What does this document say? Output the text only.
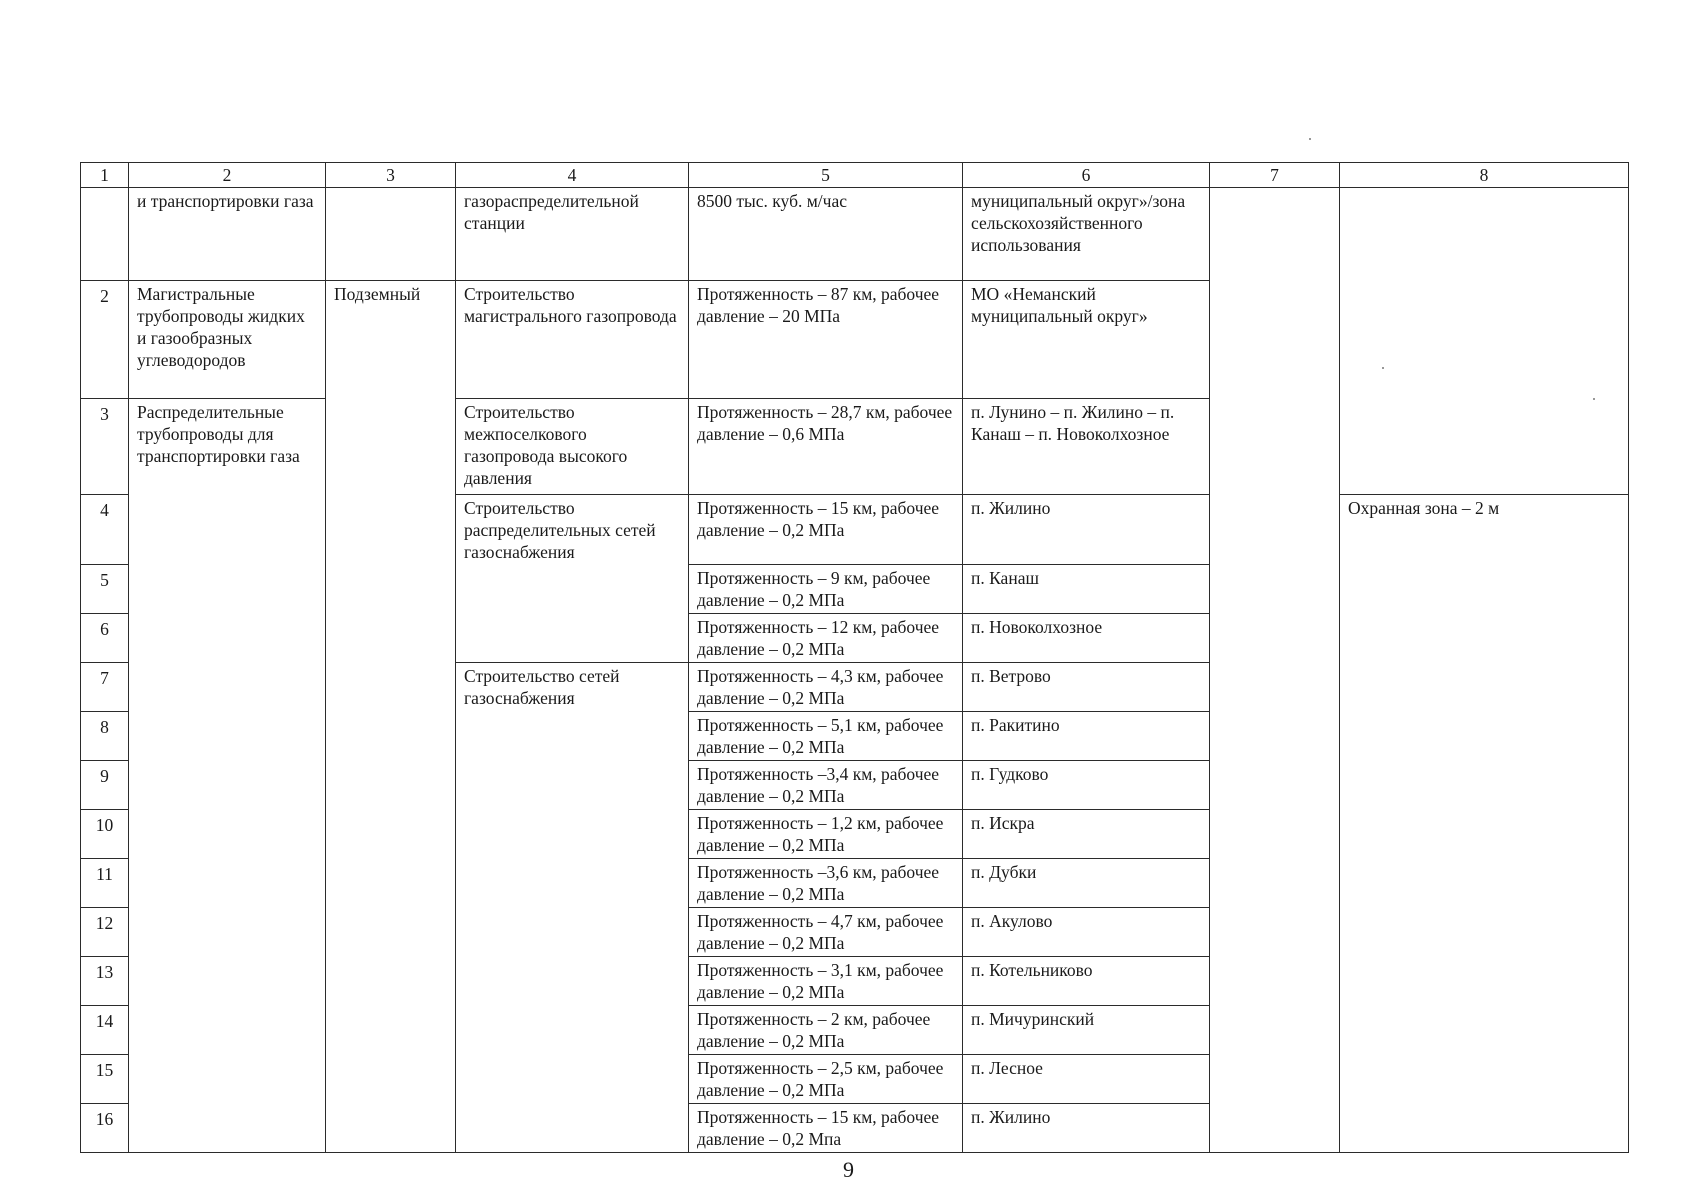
1	2	3	4	5	6	7	8
	и транспортировки газа		газораспределительной станции	8500 тыс. куб. м/час	муниципальный округ»/зона сельскохозяйственного использования		
2	Магистральные трубопроводы жидких и газообразных углеводородов	Подземный	Строительство магистрального газопровода	Протяженность – 87 км, рабочее давление – 20 МПа	МО «Неманский муниципальный округ»		
3	Распределительные трубопроводы для транспортировки газа		Строительство межпоселкового газопровода высокого давления	Протяженность – 28,7 км, рабочее давление – 0,6 МПа	п. Лунино – п. Жилино – п. Канаш – п. Новоколхозное		
4			Строительство распределительных сетей газоснабжения	Протяженность – 15 км, рабочее давление – 0,2 МПа	п. Жилино		Охранная зона – 2 м
5				Протяженность – 9 км, рабочее давление – 0,2 МПа	п. Канаш		
6				Протяженность – 12 км, рабочее давление – 0,2 МПа	п. Новоколхозное		
7			Строительство сетей газоснабжения	Протяженность – 4,3 км, рабочее давление – 0,2 МПа	п. Ветрово		
8				Протяженность – 5,1 км, рабочее давление – 0,2 МПа	п. Ракитино		
9				Протяженность –3,4 км, рабочее давление – 0,2 МПа	п. Гудково		
10				Протяженность – 1,2 км, рабочее давление – 0,2 МПа	п. Искра		
11				Протяженность –3,6 км, рабочее давление – 0,2 МПа	п. Дубки		
12				Протяженность – 4,7 км, рабочее давление – 0,2 МПа	п. Акулово		
13				Протяженность – 3,1 км, рабочее давление – 0,2 МПа	п. Котельниково		
14				Протяженность – 2 км, рабочее давление – 0,2 МПа	п. Мичуринский		
15				Протяженность – 2,5 км, рабочее давление – 0,2 МПа	п. Лесное		
16				Протяженность – 15 км, рабочее давление – 0,2 Мпа	п. Жилино		
9
